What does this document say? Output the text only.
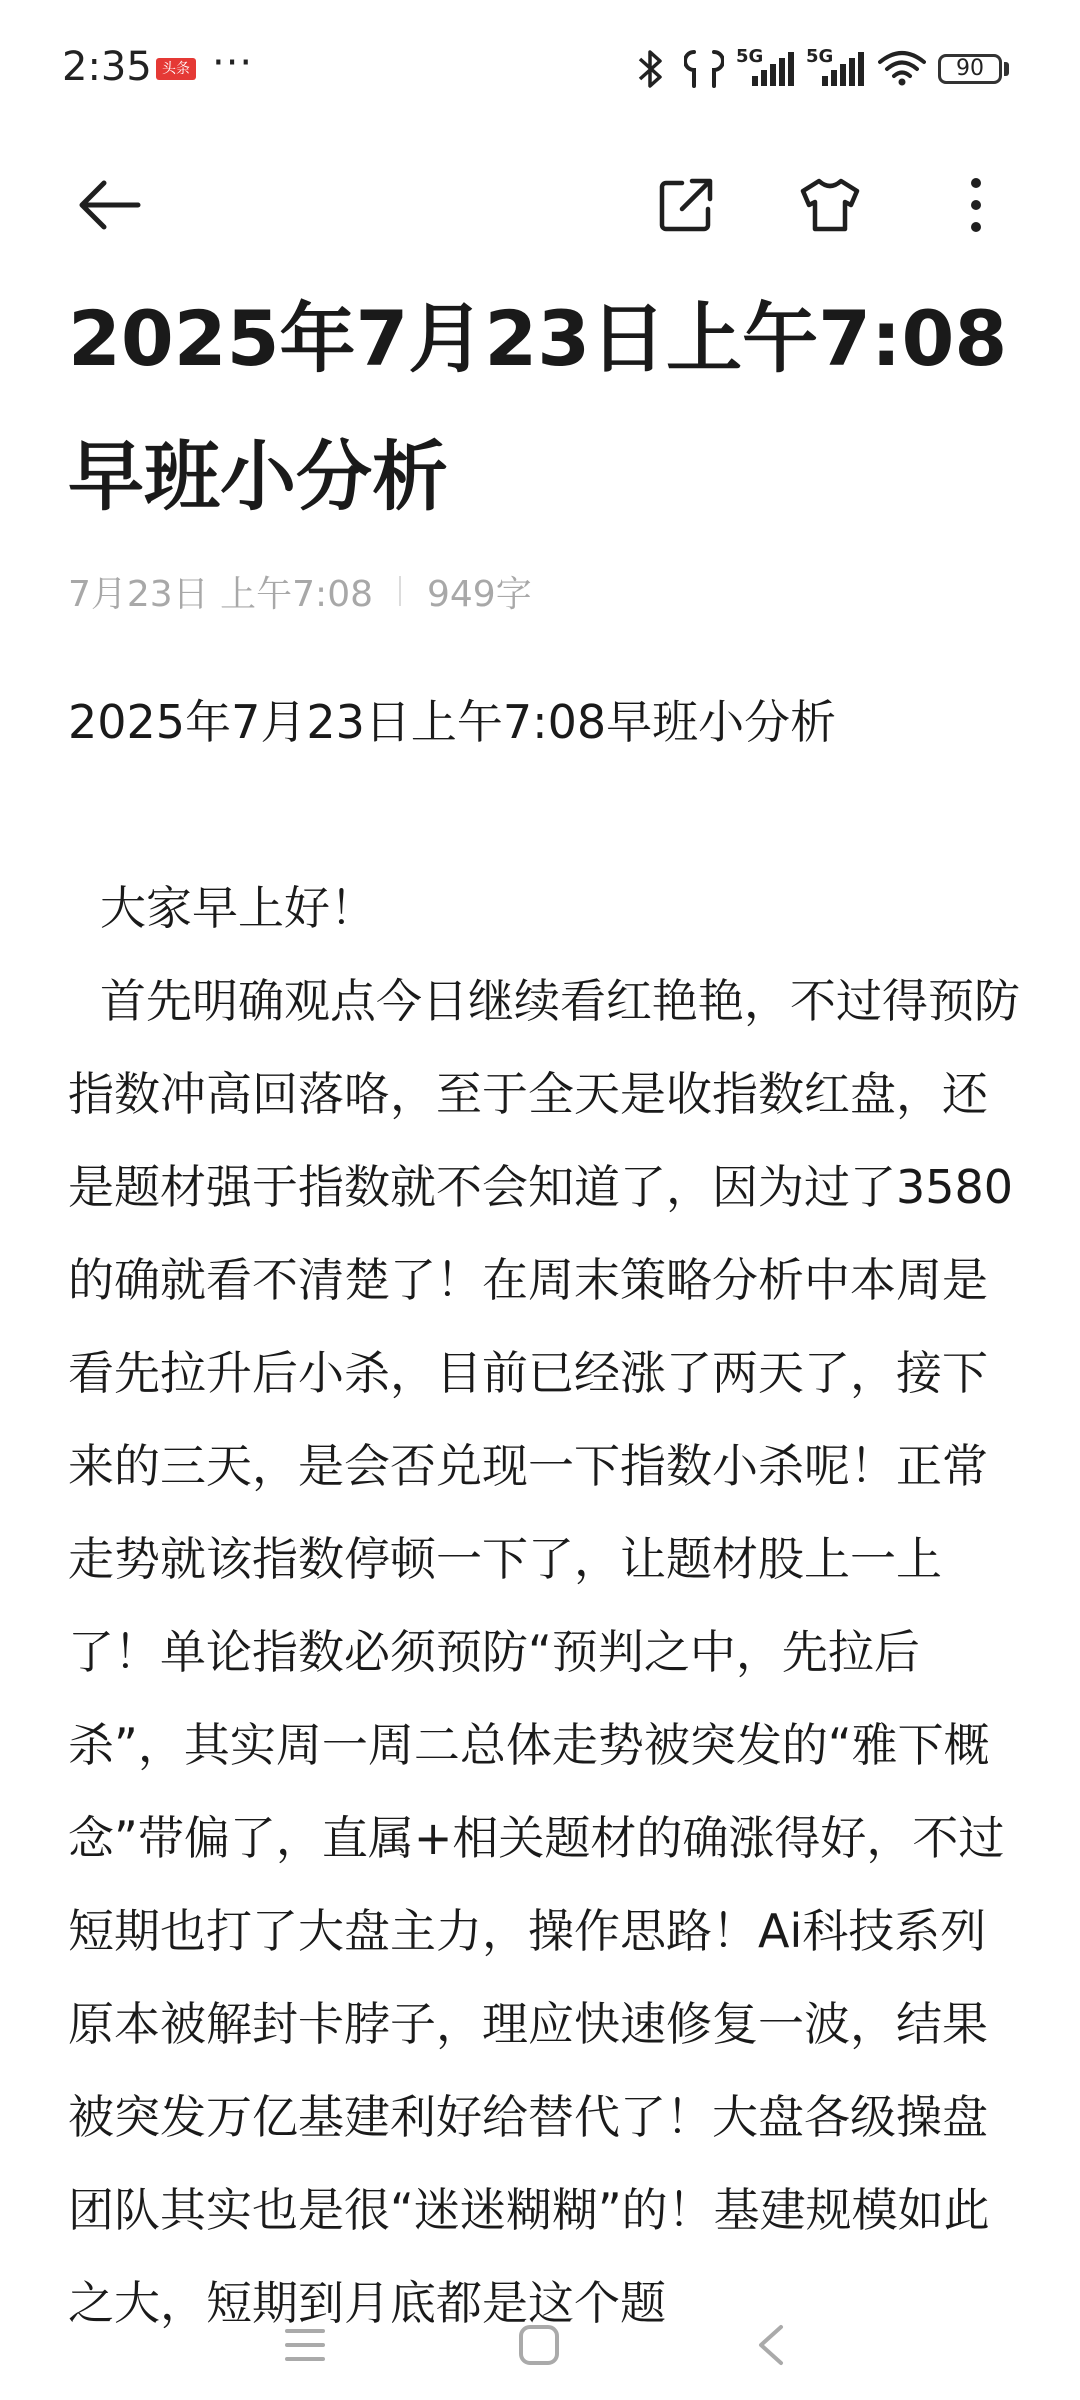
2:35 头条 ···	5G 5G	90
2025年7月23日上午7:08早班小分析
7月23日 上午7:08 949字

2025年7月23日上午7:08早班小分析

大家早上好！

首先明确观点今日继续看红艳艳，不过得预防指数冲高回落咯，至于全天是收指数红盘，还是题材强于指数就不会知道了，因为过了3580的确就看不清楚了！在周末策略分析中本周是看先拉升后小杀，目前已经涨了两天了，接下来的三天，是会否兑现一下指数小杀呢！正常走势就该指数停顿一下了，让题材股上一上了！单论指数必须预防“预判之中，先拉后杀”，其实周一周二总体走势被突发的“雅下概念”带偏了，直属+相关题材的确涨得好，不过短期也打了大盘主力，操作思路！Ai科技系列原本被解封卡脖子，理应快速修复一波，结果被突发万亿基建利好给替代了！大盘各级操盘团队其实也是很“迷迷糊糊”的！基建规模如此之大，短期到月底都是这个题
